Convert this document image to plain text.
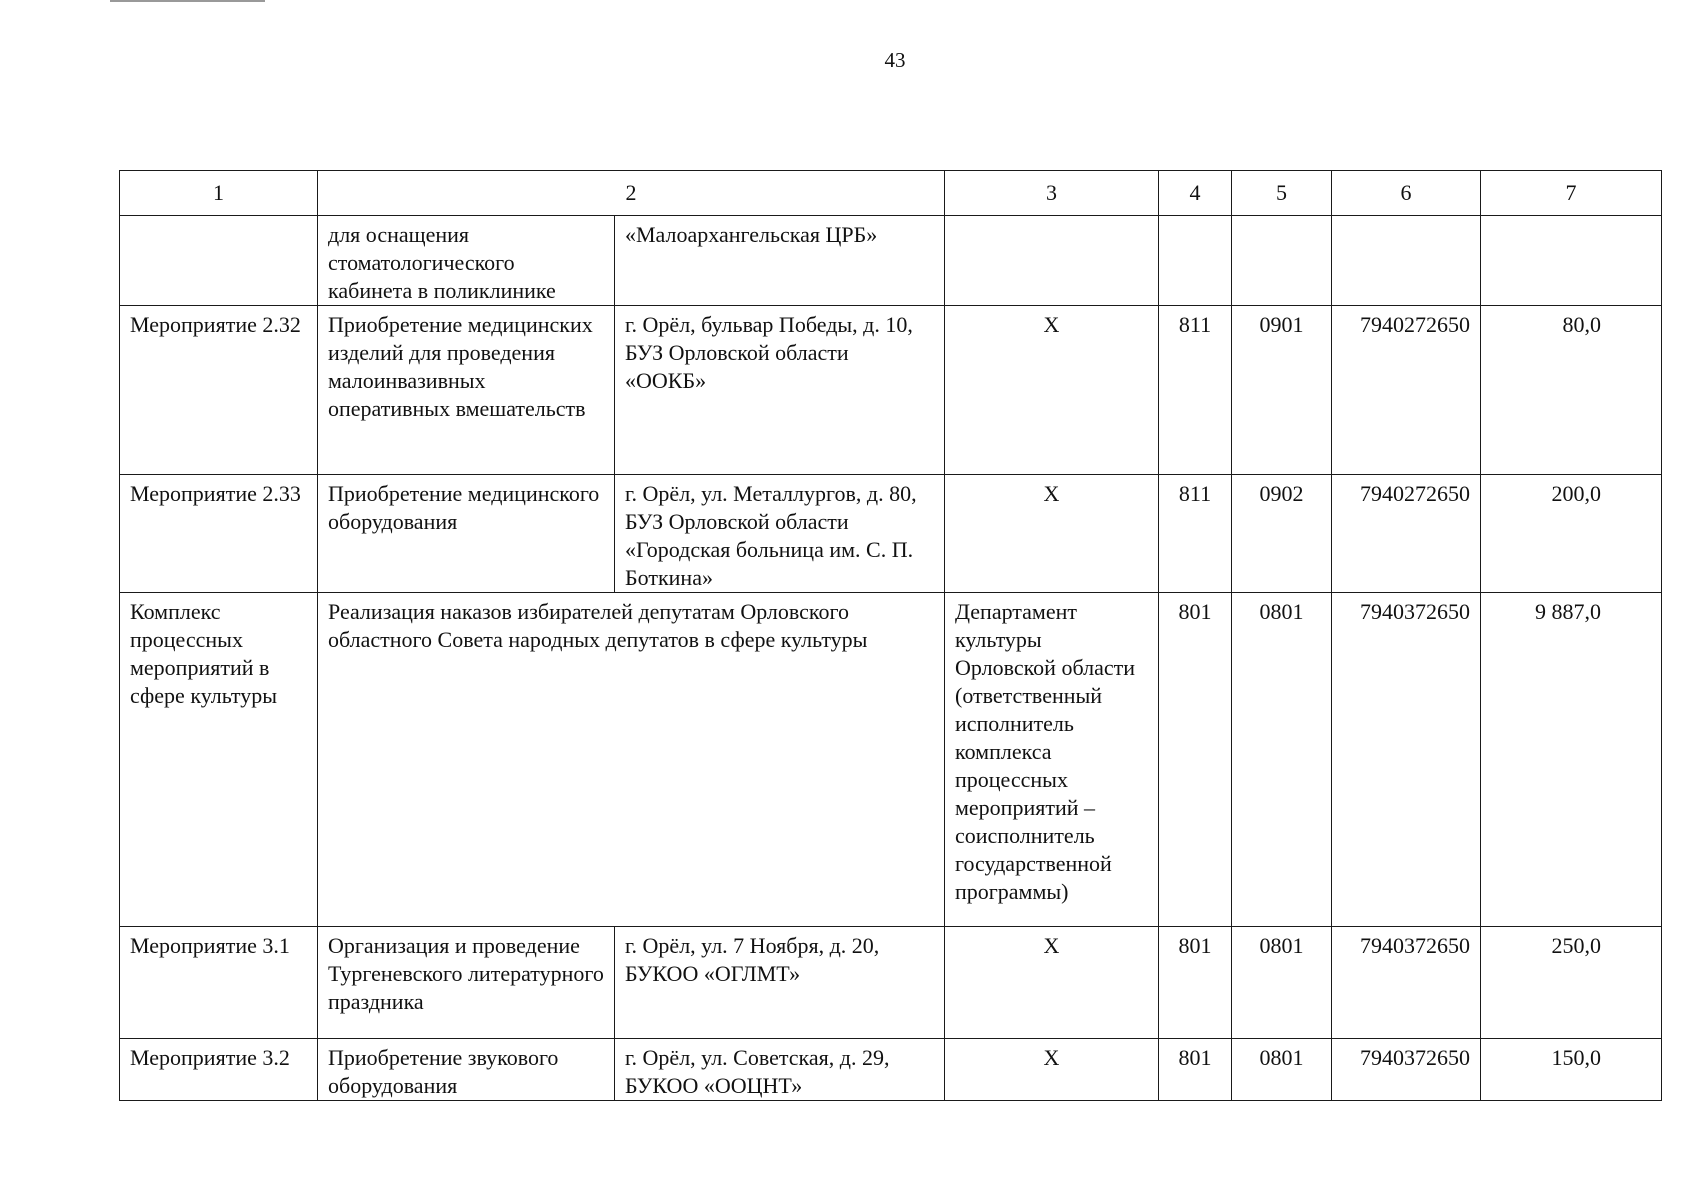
43
1	2		3	4	5	6	7
	для оснащения стоматологического кабинета в поликлинике	«Малоархангельская ЦРБ»					
Мероприятие 2.32	Приобретение медицинских изделий для проведения малоинвазивных оперативных вмешательств	г. Орёл, бульвар Победы, д. 10, БУЗ Орловской области «ООКБ»	Х	811	0901	7940272650	80,0
Мероприятие 2.33	Приобретение медицинского оборудования	г. Орёл, ул. Металлургов, д. 80, БУЗ Орловской области «Городская больница им. С. П. Боткина»	Х	811	0902	7940272650	200,0
Комплекс процессных мероприятий в сфере культуры	Реализация наказов избирателей депутатам Орловского областного Совета народных депутатов в сфере культуры		Департамент культуры Орловской области (ответственный исполнитель комплекса процессных мероприятий – соисполнитель государственной программы)	801	0801	7940372650	9 887,0
Мероприятие 3.1	Организация и проведение Тургеневского литературного праздника	г. Орёл, ул. 7 Ноября, д. 20, БУКОО «ОГЛМТ»	Х	801	0801	7940372650	250,0
Мероприятие 3.2	Приобретение звукового оборудования	г. Орёл, ул. Советская, д. 29, БУКОО «ООЦНТ»	Х	801	0801	7940372650	150,0
